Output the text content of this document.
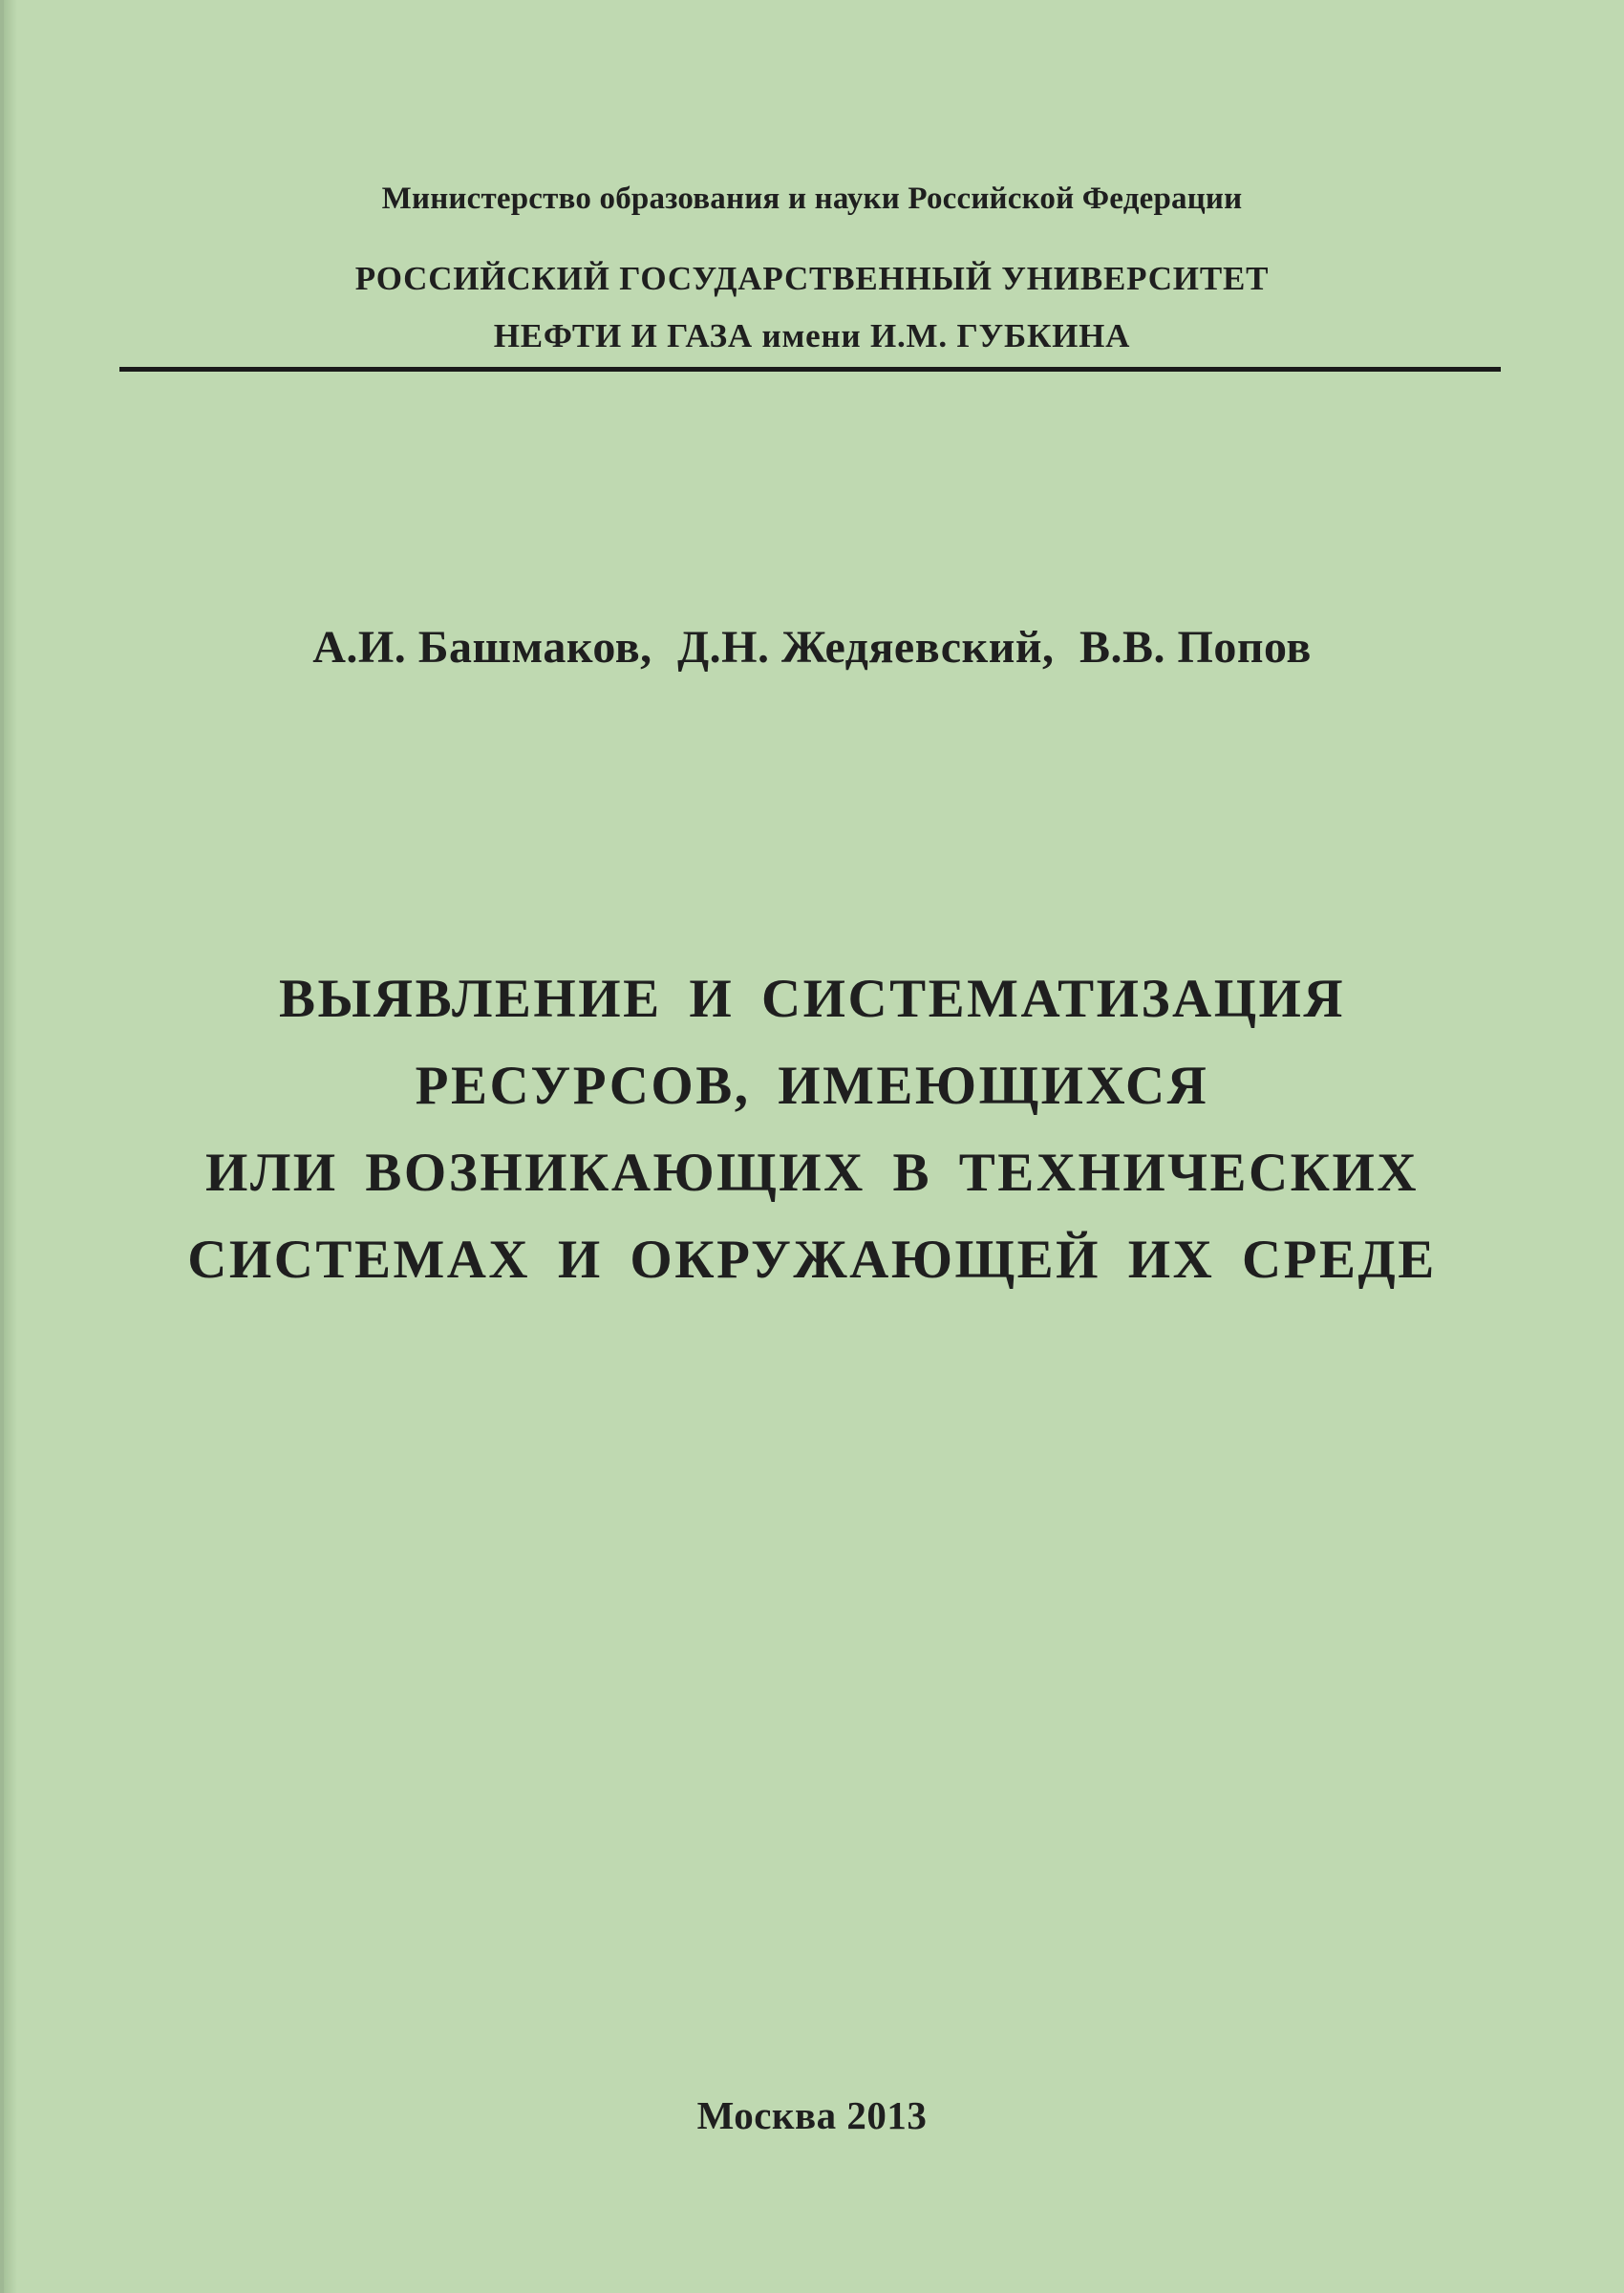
Министерство образования и науки Российской Федерации

РОССИЙСКИЙ ГОСУДАРСТВЕННЫЙ УНИВЕРСИТЕТ
НЕФТИ И ГАЗА имени И.М. ГУБКИНА

А.И. Башмаков, Д.Н. Жедяевский, В.В. Попов

ВЫЯВЛЕНИЕ И СИСТЕМАТИЗАЦИЯ
РЕСУРСОВ, ИМЕЮЩИХСЯ
ИЛИ ВОЗНИКАЮЩИХ В ТЕХНИЧЕСКИХ
СИСТЕМАХ И ОКРУЖАЮЩЕЙ ИХ СРЕДЕ

Москва 2013
